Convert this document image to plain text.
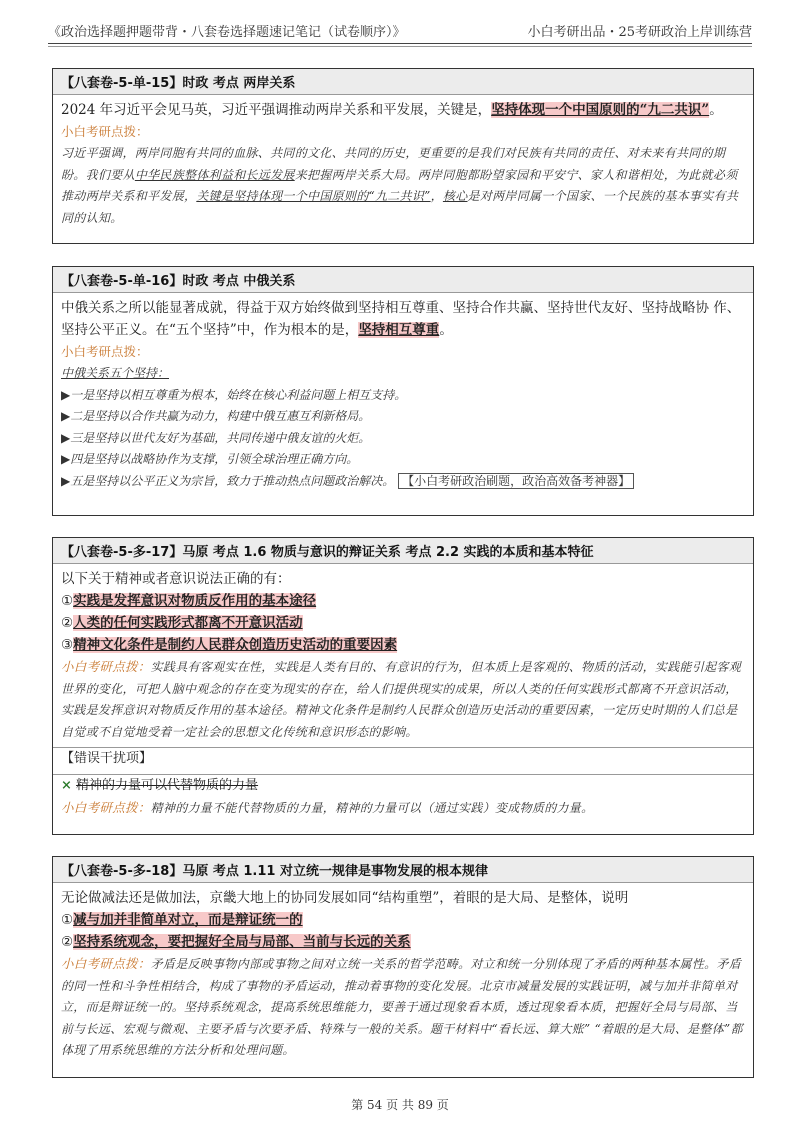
《政治选择题押题带背・八套卷选择题速记笔记（试卷顺序）》	小白考研出品・25考研政治上岸训练营
【八套卷-5-单-15】时政 考点 两岸关系

2024 年习近平会见马英，习近平强调推动两岸关系和平发展，关键是，坚持体现一个中国原则的“九二共识”。

小白考研点拨：

习近平强调，两岸同胞有共同的血脉、共同的文化、共同的历史，更重要的是我们对民族有共同的责任、对未来有共同的期盼。我们要从中华民族整体利益和长远发展来把握两岸关系大局。两岸同胞都盼望家园和平安宁、家人和谐相处，为此就必须推动两岸关系和平发展，关键是坚持体现一个中国原则的“九二共识”，核心是对两岸同属一个国家、一个民族的基本事实有共同的认知。

【八套卷-5-单-16】时政 考点 中俄关系

中俄关系之所以能显著成就，得益于双方始终做到坚持相互尊重、坚持合作共赢、坚持世代友好、坚持战略协 作、坚持公平正义。在“五个坚持”中，作为根本的是，坚持相互尊重。

小白考研点拨：

中俄关系五个坚持：

▶一是坚持以相互尊重为根本，始终在核心利益问题上相互支持。

▶二是坚持以合作共赢为动力，构建中俄互惠互利新格局。

▶三是坚持以世代友好为基础，共同传递中俄友谊的火炬。

▶四是坚持以战略协作为支撑，引领全球治理正确方向。

▶五是坚持以公平正义为宗旨，致力于推动热点问题政治解决。 【小白考研政治刷题，政治高效备考神器】

【八套卷-5-多-17】马原 考点 1.6 物质与意识的辩证关系 考点 2.2 实践的本质和基本特征

以下关于精神或者意识说法正确的有：

①实践是发挥意识对物质反作用的基本途径

②人类的任何实践形式都离不开意识活动

③精神文化条件是制约人民群众创造历史活动的重要因素

小白考研点拨：实践具有客观实在性，实践是人类有目的、有意识的行为，但本质上是客观的、物质的活动，实践能引起客观世界的变化，可把人脑中观念的存在变为现实的存在，给人们提供现实的成果，所以人类的任何实践形式都离不开意识活动，实践是发挥意识对物质反作用的基本途径。精神文化条件是制约人民群众创造历史活动的重要因素，一定历史时期的人们总是自觉或不自觉地受着一定社会的思想文化传统和意识形态的影响。

【错误干扰项】
× 精神的力量可以代替物质的力量

小白考研点拨：精神的力量不能代替物质的力量，精神的力量可以（通过实践）变成物质的力量。

【八套卷-5-多-18】马原 考点 1.11 对立统一规律是事物发展的根本规律

无论做减法还是做加法，京畿大地上的协同发展如同“结构重塑”，着眼的是大局、是整体，说明

①减与加并非简单对立，而是辩证统一的

②坚持系统观念，要把握好全局与局部、当前与长远的关系

小白考研点拨：矛盾是反映事物内部或事物之间对立统一关系的哲学范畴。对立和统一分别体现了矛盾的两种基本属性。矛盾的同一性和斗争性相结合，构成了事物的矛盾运动，推动着事物的变化发展。北京市减量发展的实践证明，减与加并非简单对立，而是辩证统一的。坚持系统观念，提高系统思维能力，要善于通过现象看本质，透过现象看本质，把握好全局与局部、当前与长远、宏观与微观、主要矛盾与次要矛盾、特殊与一般的关系。题干材料中“看长远、算大账” “着眼的是大局、是整体”都体现了用系统思维的方法分析和处理问题。

第 54 页 共 89 页
